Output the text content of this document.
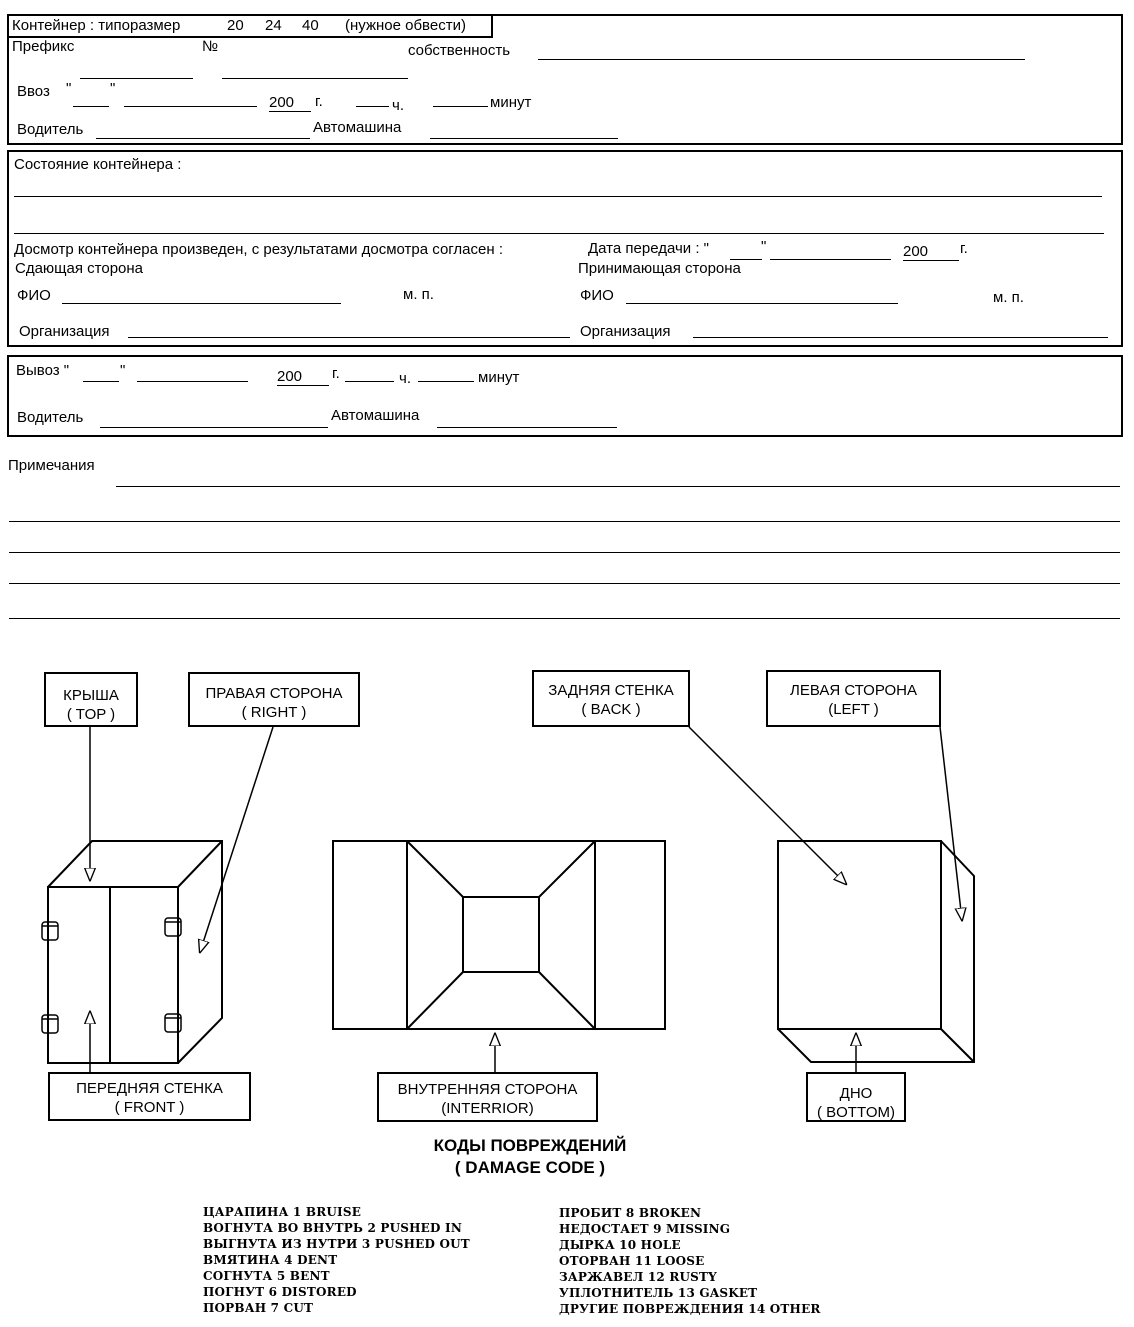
Контейнер : типоразмер	20 24 40 (нужное обвести)
Префикс	№	собственность
Ввоз "	"
200	г.	ч.	минут
Водитель	Автомашина
Состояние контейнера :
Досмотр контейнера произведен, с результатами досмотра согласен :	Дата передачи : "	"	200	г.
Сдающая сторона	Принимающая сторона
ФИО	м. п.	ФИО	м. п.
Организация	Организация
Вывоз "	"	200	г.	ч.	минут
Водитель	Автомашина
Примечания
КРЫША
( TOP )
ПРАВАЯ СТОРОНА
( RIGHT )
ЗАДНЯЯ СТЕНКА
( BACK )
ЛЕВАЯ СТОРОНА
(LEFT )
ПЕРЕДНЯЯ СТЕНКА
( FRONT )
ВНУТРЕННЯЯ СТОРОНА
(INTERRIOR)
ДНО
( BOTTOM)
КОДЫ ПОВРЕЖДЕНИЙ
( DAMAGE CODE )
ЦАРАПИНА 1 BRUISE
ВОГНУТА ВО ВНУТРЬ 2 PUSHED IN
ВЫГНУТА ИЗ НУТРИ 3 PUSHED OUT
ВМЯТИНА 4 DENT
СОГНУТА 5 BENT
ПОГНУТ 6 DISTORED
ПОРВАН 7 CUT
ПРОБИТ 8 BROKEN
НЕДОСТАЕТ 9 MISSING
ДЫРКА 10 HOLE
ОТОРВАН 11 LOOSE
ЗАРЖАВЕЛ 12 RUSTY
УПЛОТНИТЕЛЬ 13 GASKET
ДРУГИЕ ПОВРЕЖДЕНИЯ 14 OTHER
